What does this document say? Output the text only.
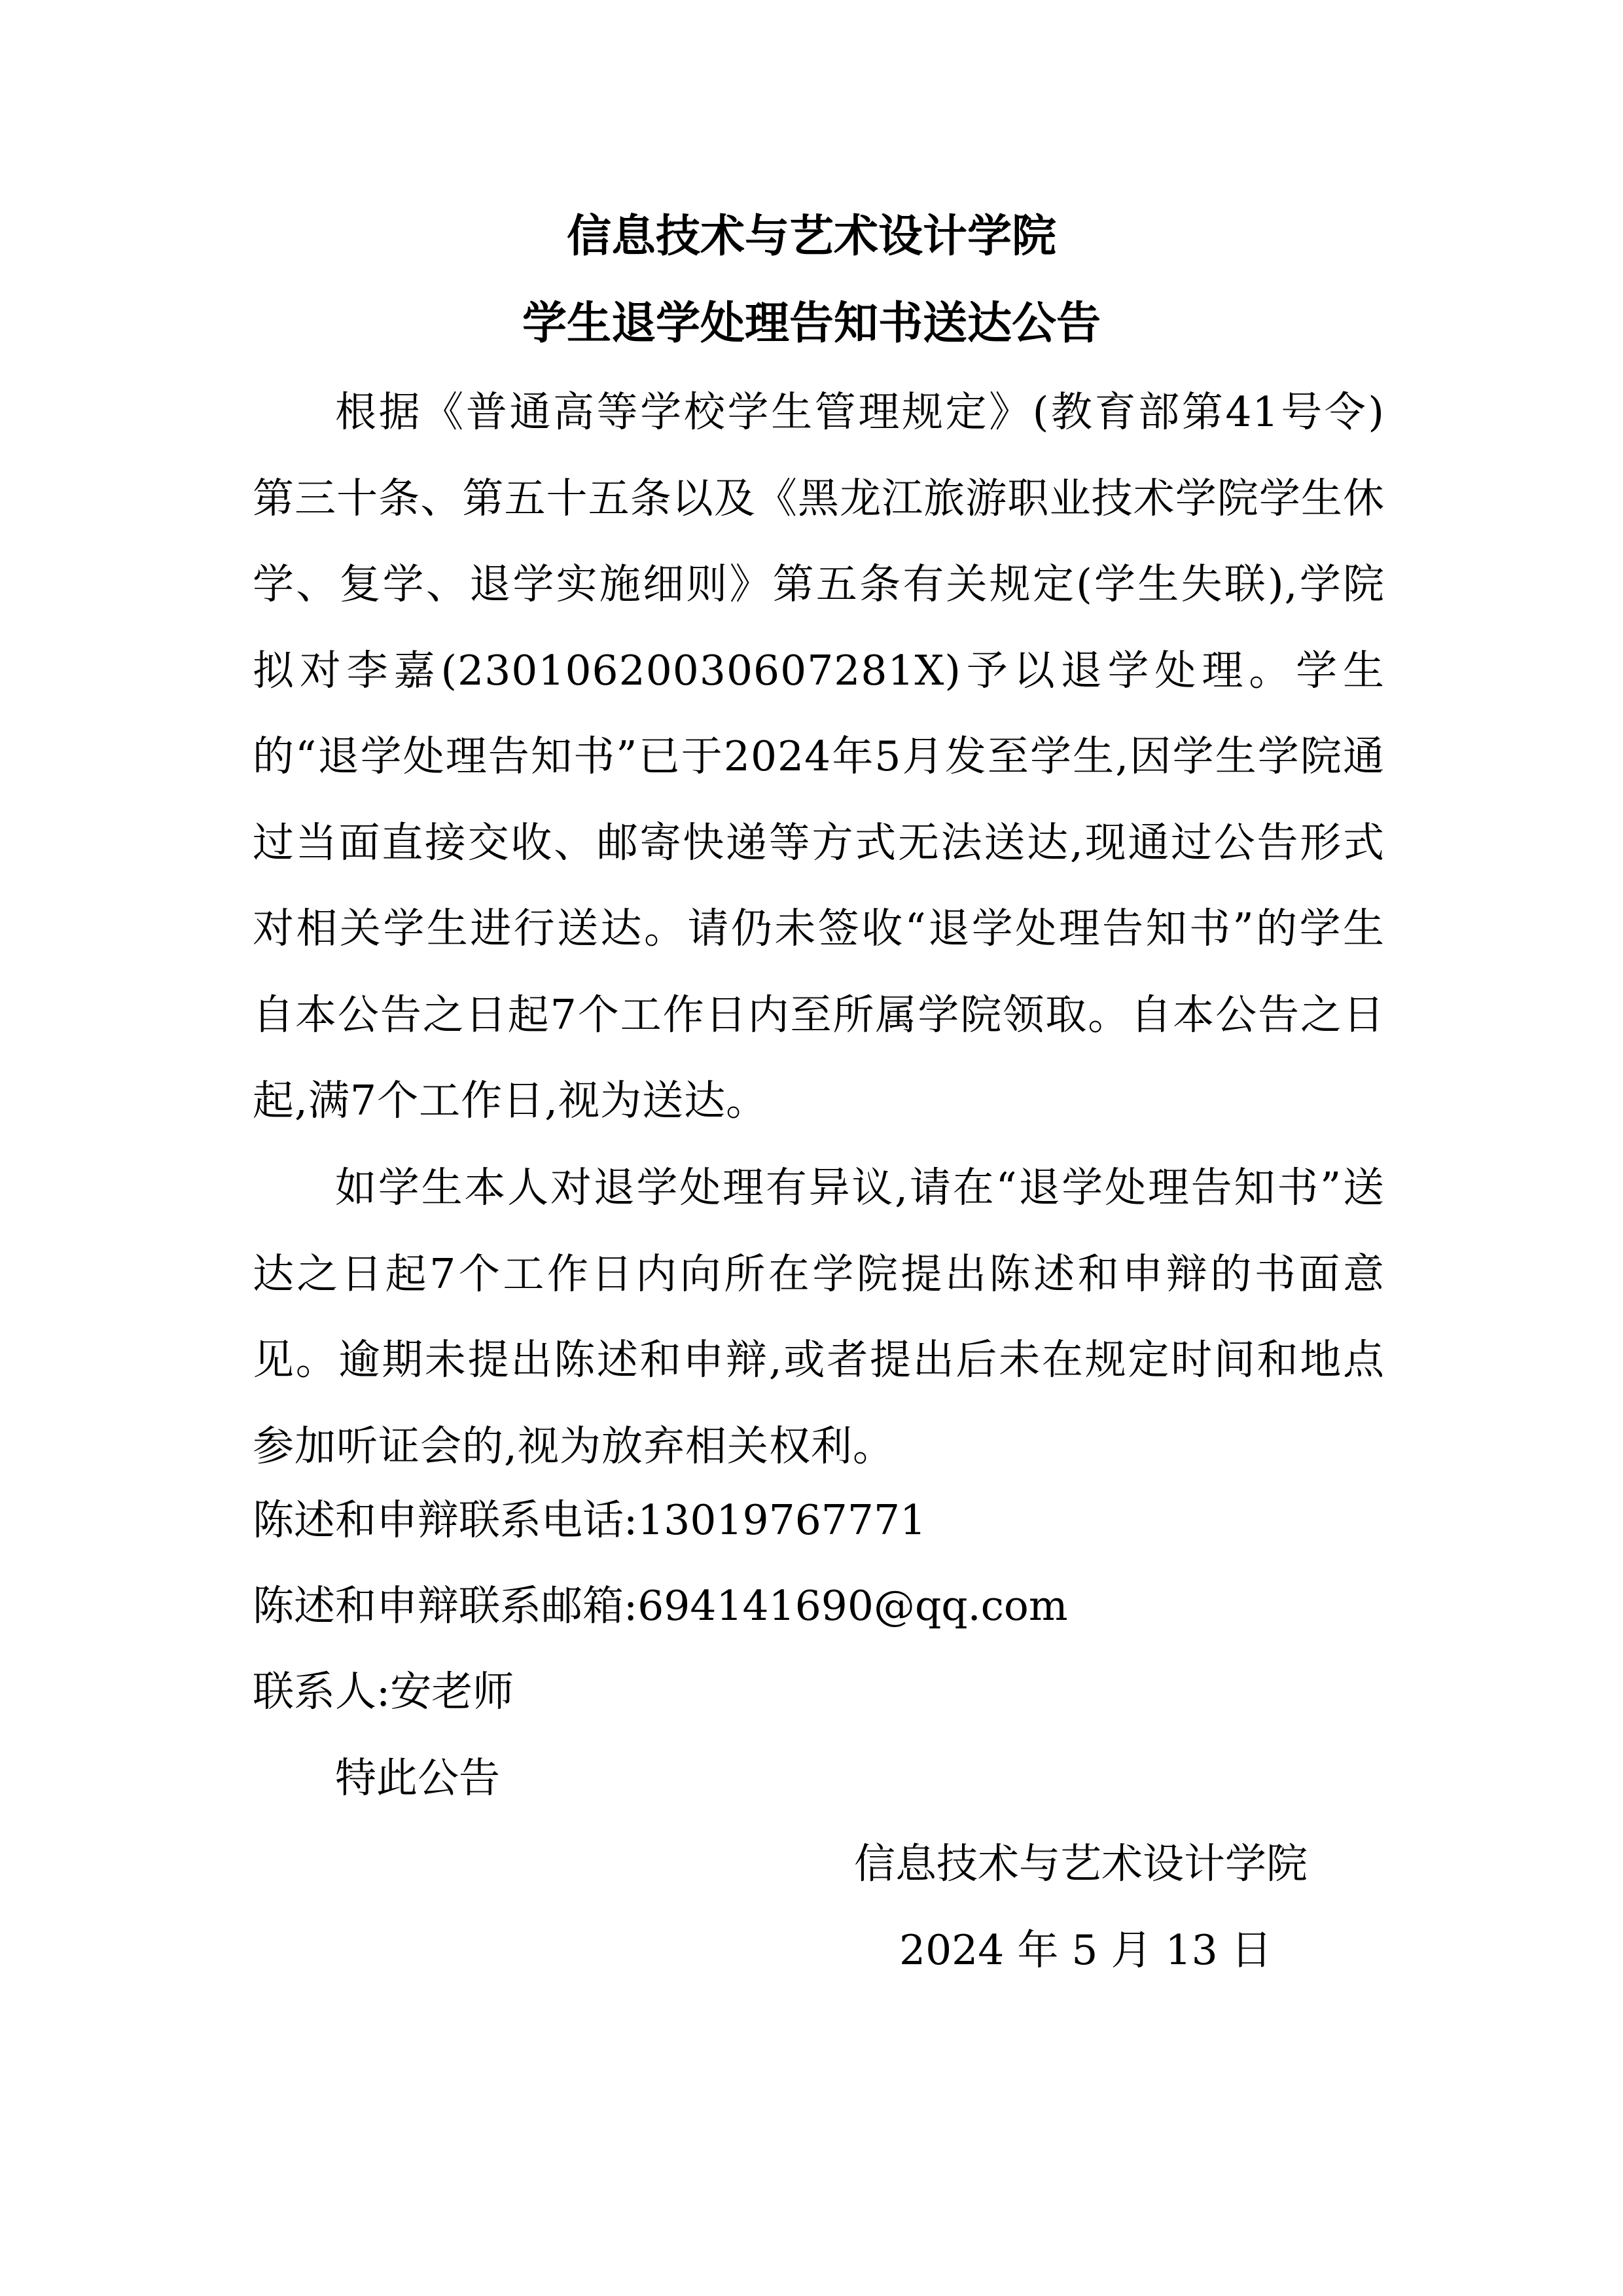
信息技术与艺术设计学院
学生退学处理告知书送达公告

根据《普通高等学校学生管理规定》(教育部第41号令)第三十条、第五十五条以及《黑龙江旅游职业技术学院学生休学、复学、退学实施细则》第五条有关规定(学生失联),学院拟对李嘉(23010620030607281X)予以退学处理。学生的“退学处理告知书”已于2024年5月发至学生,因学生学院通过当面直接交收、邮寄快递等方式无法送达,现通过公告形式对相关学生进行送达。请仍未签收“退学处理告知书”的学生自本公告之日起7个工作日内至所属学院领取。自本公告之日起,满7个工作日,视为送达。

如学生本人对退学处理有异议,请在“退学处理告知书”送达之日起7个工作日内向所在学院提出陈述和申辩的书面意见。逾期未提出陈述和申辩,或者提出后未在规定时间和地点参加听证会的,视为放弃相关权利。

陈述和申辩联系电话:13019767771
陈述和申辩联系邮箱:694141690@qq.com
联系人:安老师
特此公告
信息技术与艺术设计学院
2024 年 5 月 13 日
